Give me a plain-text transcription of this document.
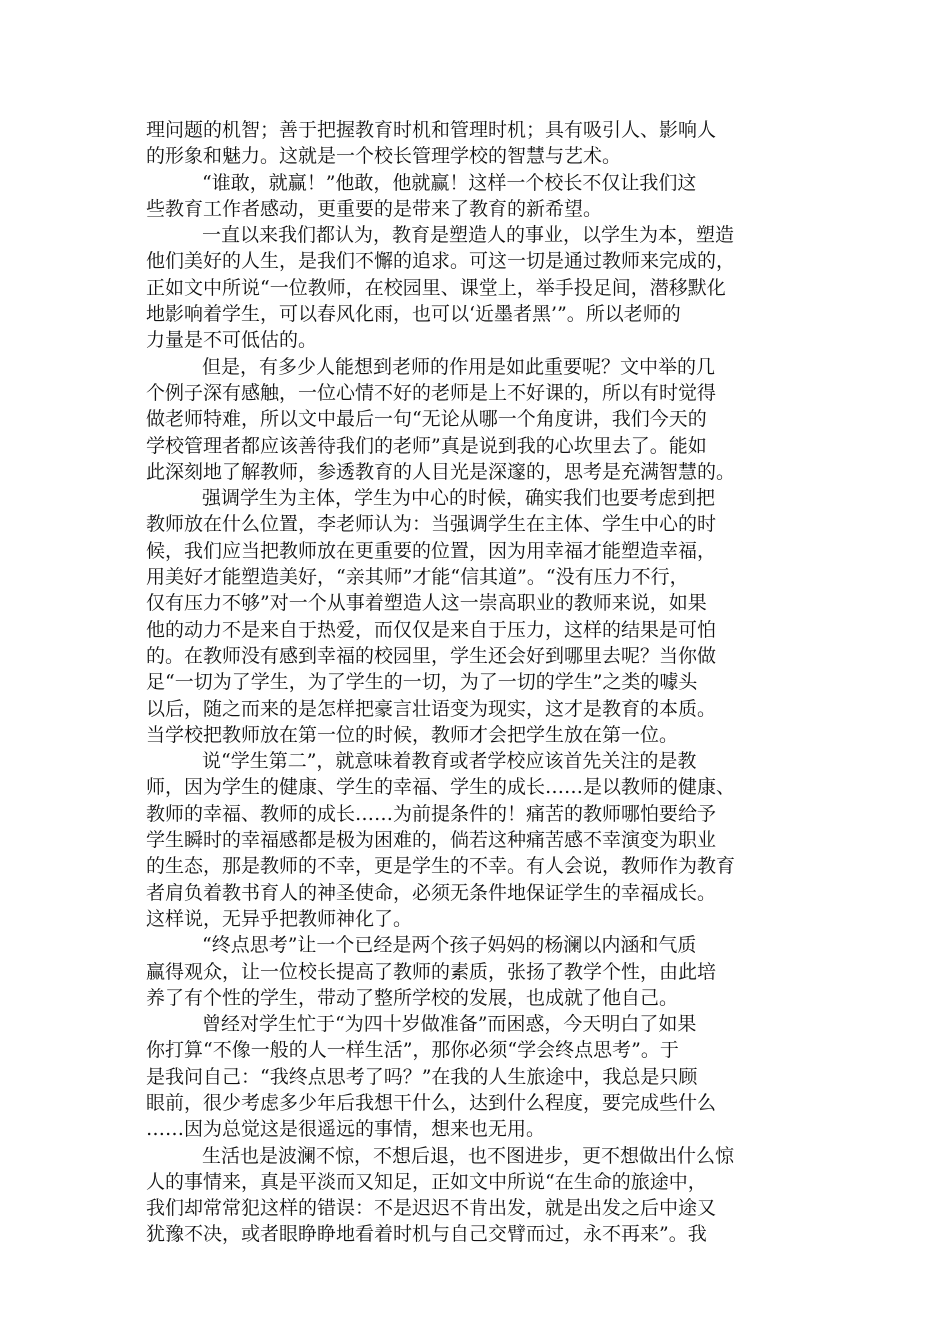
理问题的机智；善于把握教育时机和管理时机；具有吸引人、影响人
的形象和魅力。这就是一个校长管理学校的智慧与艺术。

“谁敢，就赢！”他敢，他就赢！这样一个校长不仅让我们这
些教育工作者感动，更重要的是带来了教育的新希望。

一直以来我们都认为，教育是塑造人的事业，以学生为本，塑造
他们美好的人生，是我们不懈的追求。可这一切是通过教师来完成的，
正如文中所说“一位教师，在校园里、课堂上，举手投足间，潜移默化
地影响着学生，可以春风化雨，也可以‘近墨者黑’”。所以老师的
力量是不可低估的。

但是，有多少人能想到老师的作用是如此重要呢？文中举的几
个例子深有感触，一位心情不好的老师是上不好课的，所以有时觉得
做老师特难，所以文中最后一句“无论从哪一个角度讲，我们今天的
学校管理者都应该善待我们的老师”真是说到我的心坎里去了。能如
此深刻地了解教师，参透教育的人目光是深邃的，思考是充满智慧的。

强调学生为主体，学生为中心的时候，确实我们也要考虑到把
教师放在什么位置，李老师认为：当强调学生在主体、学生中心的时
候，我们应当把教师放在更重要的位置，因为用幸福才能塑造幸福，
用美好才能塑造美好，“亲其师”才能“信其道”。“没有压力不行，
仅有压力不够”对一个从事着塑造人这一崇高职业的教师来说，如果
他的动力不是来自于热爱，而仅仅是来自于压力，这样的结果是可怕
的。在教师没有感到幸福的校园里，学生还会好到哪里去呢？当你做
足“一切为了学生，为了学生的一切，为了一切的学生”之类的噱头
以后，随之而来的是怎样把豪言壮语变为现实，这才是教育的本质。
当学校把教师放在第一位的时候，教师才会把学生放在第一位。

说“学生第二”，就意味着教育或者学校应该首先关注的是教
师，因为学生的健康、学生的幸福、学生的成长……是以教师的健康、
教师的幸福、教师的成长……为前提条件的！痛苦的教师哪怕要给予
学生瞬时的幸福感都是极为困难的，倘若这种痛苦感不幸演变为职业
的生态，那是教师的不幸，更是学生的不幸。有人会说，教师作为教育
者肩负着教书育人的神圣使命，必须无条件地保证学生的幸福成长。
这样说，无异乎把教师神化了。

“终点思考”让一个已经是两个孩子妈妈的杨澜以内涵和气质
赢得观众，让一位校长提高了教师的素质，张扬了教学个性，由此培
养了有个性的学生，带动了整所学校的发展，也成就了他自己。

曾经对学生忙于“为四十岁做准备”而困惑，今天明白了如果
你打算“不像一般的人一样生活”，那你必须“学会终点思考”。于
是我问自己：“我终点思考了吗？”在我的人生旅途中，我总是只顾
眼前，很少考虑多少年后我想干什么，达到什么程度，要完成些什么
……因为总觉这是很遥远的事情，想来也无用。

生活也是波澜不惊，不想后退，也不图进步，更不想做出什么惊
人的事情来，真是平淡而又知足，正如文中所说“在生命的旅途中，
我们却常常犯这样的错误：不是迟迟不肯出发，就是出发之后中途又
犹豫不决，或者眼睁睁地看着时机与自己交臂而过，永不再来”。我
